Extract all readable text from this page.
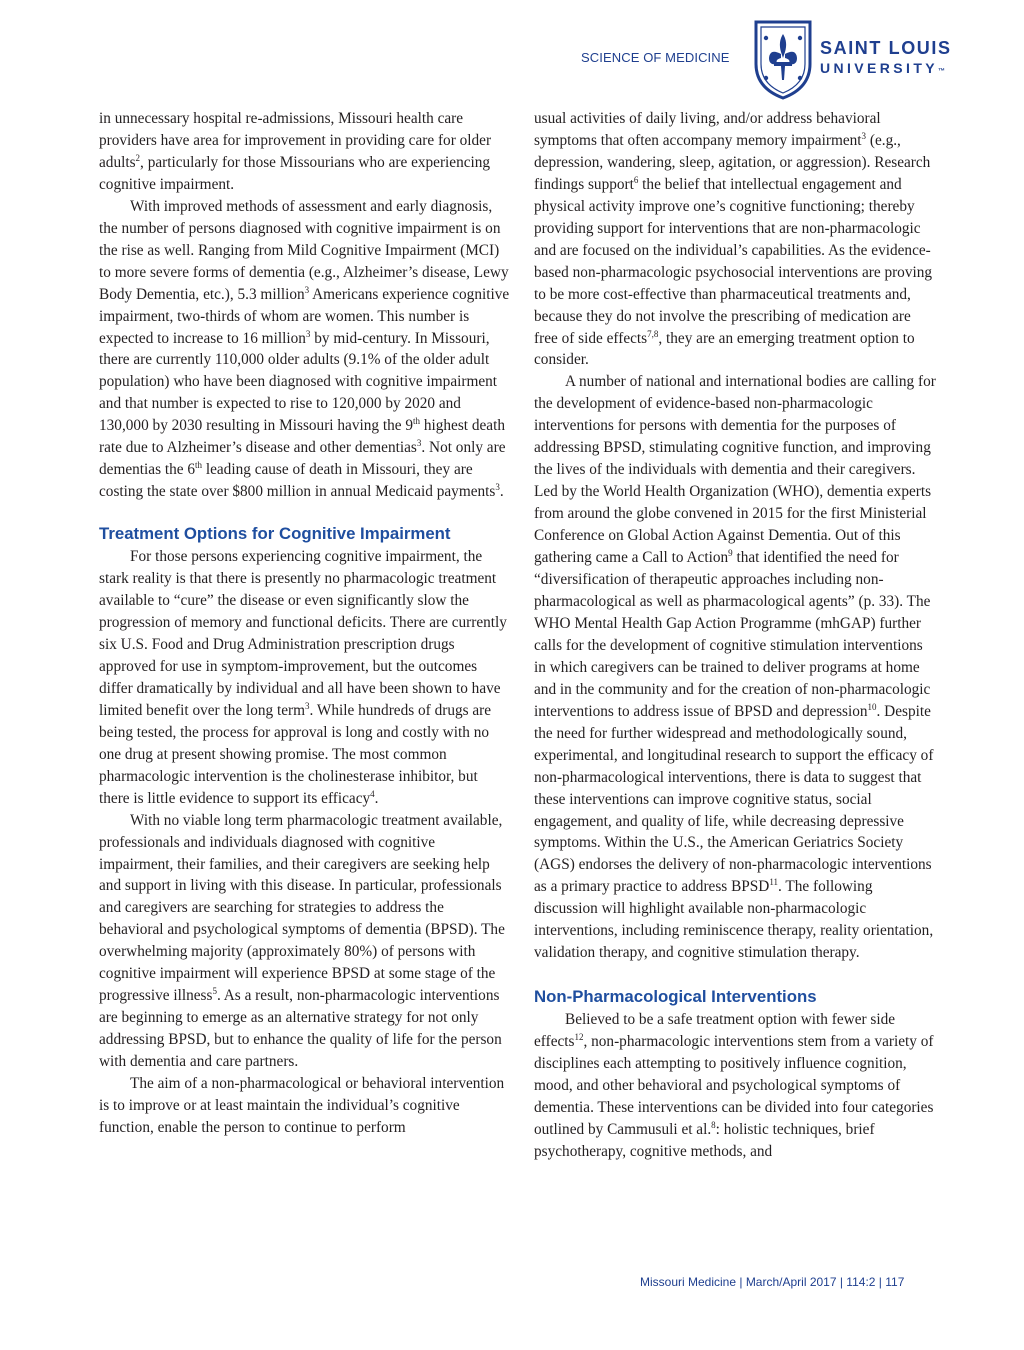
SCIENCE OF MEDICINE	SAINT LOUIS
UNIVERSITY™

in unnecessary hospital re-admissions, Missouri health care providers have area for improvement in providing care for older adults$^2$, particularly for those Missourians who are experiencing cognitive impairment.

With improved methods of assessment and early diagnosis, the number of persons diagnosed with cognitive impairment is on the rise as well. Ranging from Mild Cognitive Impairment (MCI) to more severe forms of dementia (e.g., Alzheimer’s disease, Lewy Body Dementia, etc.), 5.3 million$^3$ Americans experience cognitive impairment, two-thirds of whom are women. This number is expected to increase to 16 million$^3$ by mid-century. In Missouri, there are currently 110,000 older adults (9.1% of the older adult population) who have been diagnosed with cognitive impairment and that number is expected to rise to 120,000 by 2020 and 130,000 by 2030 resulting in Missouri having the 9th highest death rate due to Alzheimer’s disease and other dementias$^3$. Not only are dementias the 6th leading cause of death in Missouri, they are costing the state over $800 million in annual Medicaid payments$^3$.

Treatment Options for Cognitive Impairment

For those persons experiencing cognitive impairment, the stark reality is that there is presently no pharmacologic treatment available to “cure” the disease or even significantly slow the progression of memory and functional deficits. There are currently six U.S. Food and Drug Administration prescription drugs approved for use in symptom-improvement, but the outcomes differ dramatically by individual and all have been shown to have limited benefit over the long term$^3$. While hundreds of drugs are being tested, the process for approval is long and costly with no one drug at present showing promise. The most common pharmacologic intervention is the cholinesterase inhibitor, but there is little evidence to support its efficacy$^4$.

With no viable long term pharmacologic treatment available, professionals and individuals diagnosed with cognitive impairment, their families, and their caregivers are seeking help and support in living with this disease. In particular, professionals and caregivers are searching for strategies to address the behavioral and psychological symptoms of dementia (BPSD). The overwhelming majority (approximately 80%) of persons with cognitive impairment will experience BPSD at some stage of the progressive illness$^5$. As a result, non-pharmacologic interventions are beginning to emerge as an alternative strategy for not only addressing BPSD, but to enhance the quality of life for the person with dementia and care partners.

The aim of a non-pharmacological or behavioral intervention is to improve or at least maintain the individual’s cognitive function, enable the person to continue to perform

usual activities of daily living, and/or address behavioral symptoms that often accompany memory impairment$^3$ (e.g., depression, wandering, sleep, agitation, or aggression). Research findings support$^6$ the belief that intellectual engagement and physical activity improve one’s cognitive functioning; thereby providing support for interventions that are non-pharmacologic and are focused on the individual’s capabilities. As the evidence-based non-pharmacologic psychosocial interventions are proving to be more cost-effective than pharmaceutical treatments and, because they do not involve the prescribing of medication are free of side effects$^{7,8}$, they are an emerging treatment option to consider.

A number of national and international bodies are calling for the development of evidence-based non-pharmacologic interventions for persons with dementia for the purposes of addressing BPSD, stimulating cognitive function, and improving the lives of the individuals with dementia and their caregivers. Led by the World Health Organization (WHO), dementia experts from around the globe convened in 2015 for the first Ministerial Conference on Global Action Against Dementia. Out of this gathering came a Call to Action$^9$ that identified the need for “diversification of therapeutic approaches including non-pharmacological as well as pharmacological agents” (p. 33). The WHO Mental Health Gap Action Programme (mhGAP) further calls for the development of cognitive stimulation interventions in which caregivers can be trained to deliver programs at home and in the community and for the creation of non-pharmacologic interventions to address issue of BPSD and depression$^{10}$. Despite the need for further widespread and methodologically sound, experimental, and longitudinal research to support the efficacy of non-pharmacological interventions, there is data to suggest that these interventions can improve cognitive status, social engagement, and quality of life, while decreasing depressive symptoms. Within the U.S., the American Geriatrics Society (AGS) endorses the delivery of non-pharmacologic interventions as a primary practice to address BPSD$^{11}$. The following discussion will highlight available non-pharmacologic interventions, including reminiscence therapy, reality orientation, validation therapy, and cognitive stimulation therapy.

Non-Pharmacological Interventions

Believed to be a safe treatment option with fewer side effects$^{12}$, non-pharmacologic interventions stem from a variety of disciplines each attempting to positively influence cognition, mood, and other behavioral and psychological symptoms of dementia. These interventions can be divided into four categories outlined by Cammusuli et al.$^8$: holistic techniques, brief psychotherapy, cognitive methods, and

Missouri Medicine | March/April 2017 | 114:2 | 117
